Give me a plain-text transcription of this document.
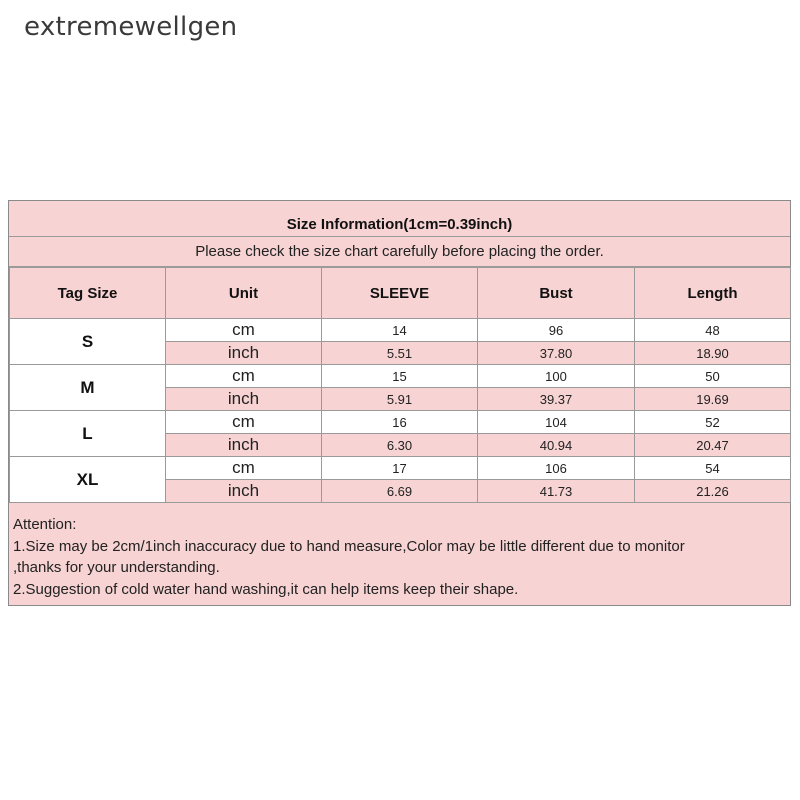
extremewellgen
Size Information(1cm=0.39inch)
Please check the size chart carefully before placing the order.
Tag Size	Unit	SLEEVE	Bust	Length
S	cm	14	96	48
	inch	5.51	37.80	18.90
M	cm	15	100	50
	inch	5.91	39.37	19.69
L	cm	16	104	52
	inch	6.30	40.94	20.47
XL	cm	17	106	54
	inch	6.69	41.73	21.26
Attention:
1.Size may be 2cm/1inch inaccuracy due to hand measure,Color may be little different due to monitor
,thanks for your understanding.
2.Suggestion of cold water hand washing,it can help items keep their shape.
